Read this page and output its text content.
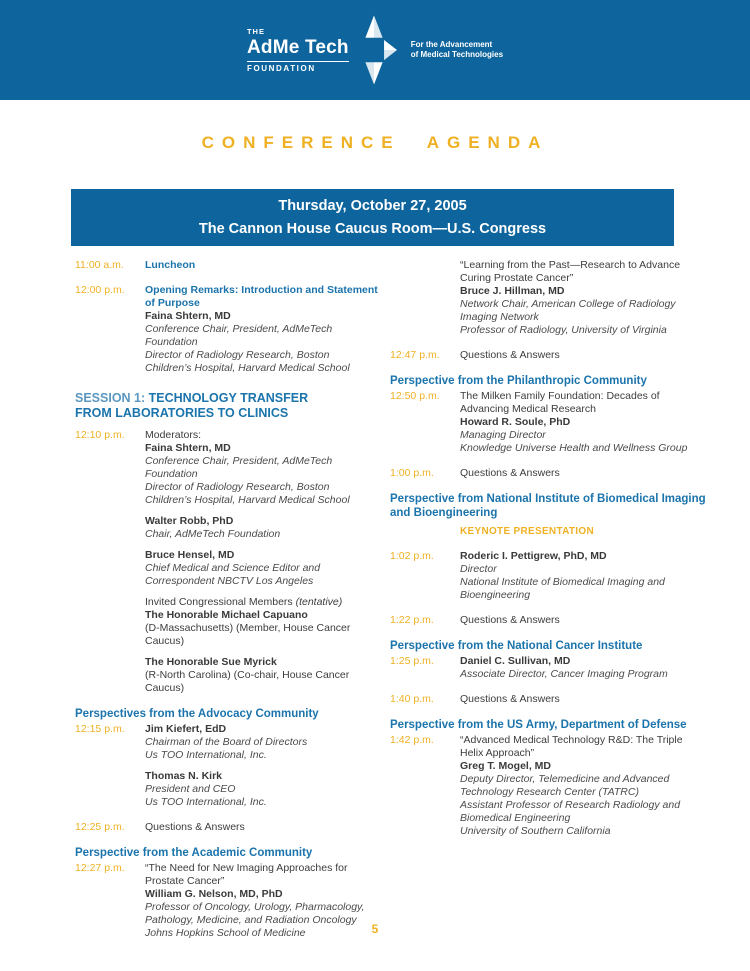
THE
AdMe Tech
FOUNDATION
For the Advancement
of Medical Technologies
CONFERENCE AGENDA
Thursday, October 27, 2005
The Cannon House Caucus Room—U.S. Congress
11:00 a.m.	Luncheon
12:00 p.m.	Opening Remarks: Introduction and Statement of Purpose
Faina Shtern, MD
Conference Chair, President, AdMeTech Foundation
Director of Radiology Research, Boston Children’s Hospital, Harvard Medical School
SESSION 1: TECHNOLOGY TRANSFER FROM LABORATORIES TO CLINICS
12:10 p.m.	Moderators:
Faina Shtern, MD
Conference Chair, President, AdMeTech Foundation
Director of Radiology Research, Boston Children’s Hospital, Harvard Medical School
Walter Robb, PhD
Chair, AdMeTech Foundation
Bruce Hensel, MD
Chief Medical and Science Editor and Correspondent NBCTV Los Angeles
Invited Congressional Members (tentative)
The Honorable Michael Capuano
(D-Massachusetts) (Member, House Cancer Caucus)
The Honorable Sue Myrick
(R-North Carolina) (Co-chair, House Cancer Caucus)
Perspectives from the Advocacy Community
12:15 p.m.	Jim Kiefert, EdD
Chairman of the Board of Directors
Us TOO International, Inc.
Thomas N. Kirk
President and CEO
Us TOO International, Inc.
12:25 p.m.	Questions & Answers
Perspective from the Academic Community
12:27 p.m.	“The Need for New Imaging Approaches for Prostate Cancer”
William G. Nelson, MD, PhD
Professor of Oncology, Urology, Pharmacology, Pathology, Medicine, and Radiation Oncology
Johns Hopkins School of Medicine
“Learning from the Past—Research to Advance Curing Prostate Cancer”
Bruce J. Hillman, MD
Network Chair, American College of Radiology Imaging Network
Professor of Radiology, University of Virginia
12:47 p.m.	Questions & Answers
Perspective from the Philanthropic Community
12:50 p.m.	The Milken Family Foundation: Decades of Advancing Medical Research
Howard R. Soule, PhD
Managing Director
Knowledge Universe Health and Wellness Group
1:00 p.m.	Questions & Answers
Perspective from National Institute of Biomedical Imaging and Bioengineering
KEYNOTE PRESENTATION
1:02 p.m.	Roderic I. Pettigrew, PhD, MD
Director
National Institute of Biomedical Imaging and Bioengineering
1:22 p.m.	Questions & Answers
Perspective from the National Cancer Institute
1:25 p.m.	Daniel C. Sullivan, MD
Associate Director, Cancer Imaging Program
1:40 p.m.	Questions & Answers
Perspective from the US Army, Department of Defense
1:42 p.m.	“Advanced Medical Technology R&D: The Triple Helix Approach”
Greg T. Mogel, MD
Deputy Director, Telemedicine and Advanced Technology Research Center (TATRC)
Assistant Professor of Research Radiology and Biomedical Engineering
University of Southern California
5
